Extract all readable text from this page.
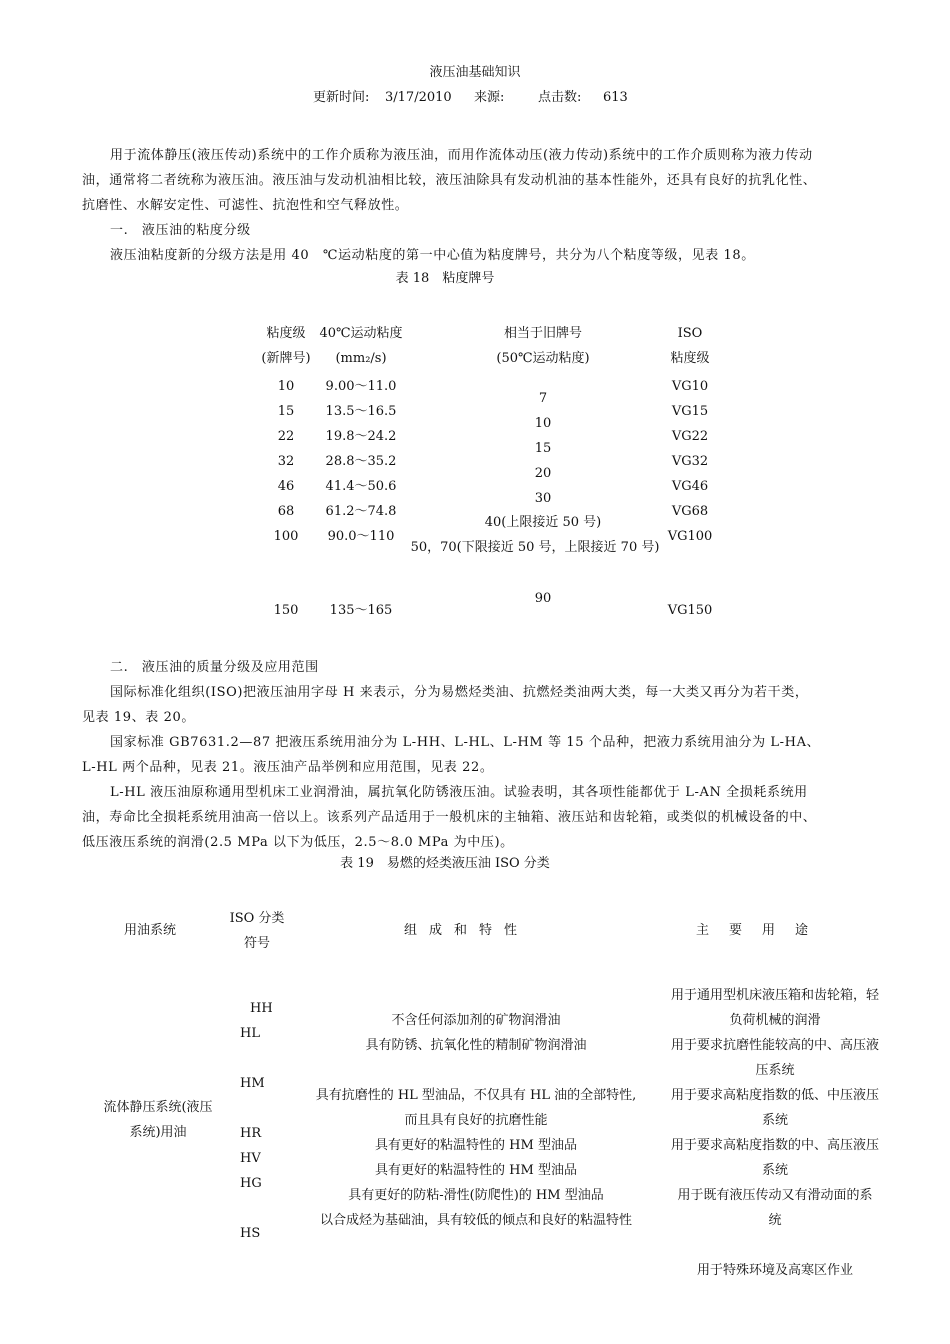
液压油基础知识
更新时间: 3/17/2010 来源:	点击数: 613

用于流体静压(液压传动)系统中的工作介质称为液压油，而用作流体动压(液力传动)系统中的工作介质则称为液力传动油，通常将二者统称为液压油。液压油与发动机油相比较，液压油除具有发动机油的基本性能外，还具有良好的抗乳化性、抗磨性、水解安定性、可滤性、抗泡性和空气释放性。

一.　液压油的粘度分级

液压油粘度新的分级方法是用 40　℃运动粘度的第一中心值为粘度牌号，共分为八个粘度等级，见表 18。

表 18　粘度牌号
粘度级
(新牌号)
40℃运动粘度
(mm₂/s)
相当于旧牌号
(50℃运动粘度)
ISO
粘度级
10
15
22
32
46
68
100
150
9.00～11.0
13.5～16.5
19.8～24.2
28.8～35.2
41.4～50.6
61.2～74.8
90.0～110
135～165
7
10
15
20
30
40(上限接近 50 号)
50，70(下限接近 50 号，上限接近 70 号)
90
VG10
VG15
VG22
VG32
VG46
VG68
VG100
VG150

二.　液压油的质量分级及应用范围

国际标准化组织(ISO)把液压油用字母 H 来表示，分为易燃烃类油、抗燃烃类油两大类，每一大类又再分为若干类，见表 19、表 20。

国家标准 GB7631.2—87 把液压系统用油分为 L-HH、L-HL、L-HM 等 15 个品种，把液力系统用油分为 L-HA、L-HL 两个品种，见表 21。液压油产品举例和应用范围，见表 22。

L-HL 液压油原称通用型机床工业润滑油，属抗氧化防锈液压油。试验表明，其各项性能都优于 L-AN 全损耗系统用油，寿命比全损耗系统用油高一倍以上。该系列产品适用于一般机床的主轴箱、液压站和齿轮箱，或类似的机械设备的中、低压液压系统的润滑(2.5 MPa 以下为低压，2.5～8.0 MPa 为中压)。

表 19　易燃的烃类液压油 ISO 分类
用油系统
ISO 分类
符号
组成和特性	主要用途
流体静压系统(液压
系统)用油
HH
HL
HM
HR
HV
HG
HS
不含任何添加剂的矿物润滑油
具有防锈、抗氧化性的精制矿物润滑油
具有抗磨性的 HL 型油品，不仅具有 HL 油的全部特性,
而且具有良好的抗磨性能
具有更好的粘温特性的 HM 型油品
具有更好的粘温特性的 HM 型油品
具有更好的防粘-滑性(防爬性)的 HM 型油品
以合成烃为基础油，具有较低的倾点和良好的粘温特性
用于通用型机床液压箱和齿轮箱，轻
负荷机械的润滑
用于要求抗磨性能较高的中、高压液
压系统
用于要求高粘度指数的低、中压液压
系统
用于要求高粘度指数的中、高压液压
系统
用于既有液压传动又有滑动面的系
统
用于特殊环境及高寒区作业
